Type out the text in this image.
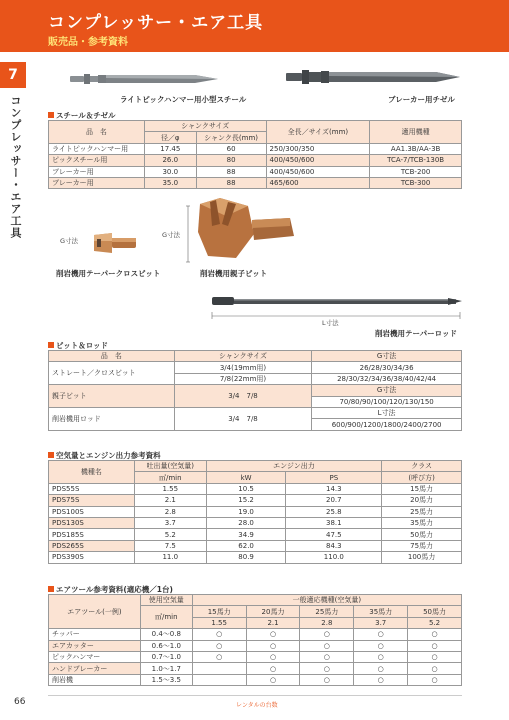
コンプレッサー・エア工具
販売品・参考資料
7
コンプレッサー・エア工具	ライトピックハンマー用小型スチール	ブレーカー用チゼル
スチール＆チゼル
品　名	シャンクサイズ		全長／サイズ(mm)	適用機種
	径／φ	シャンク長(mm)		
ライトピックハンマー用	17.45	60	250/300/350	AA1.3B/AA-3B
ピックスチール用	26.0	80	400/450/600	TCA-7/TCB-130B
ブレーカー用	30.0	88	400/450/600	TCB-200
ブレーカー用	35.0	88	465/600	TCB-300
G寸法
削岩機用テーパークロスビット
G寸法
削岩機用親子ビット
L寸法
削岩機用テーパーロッド
ビット＆ロッド
品　名	シャンクサイズ	G寸法
ストレート／クロスビット	3/4(19mm用)	26/28/30/34/36
	7/8(22mm用)	28/30/32/34/36/38/40/42/44
親子ビット	3/4　7/8	G寸法
		70/80/90/100/120/130/150
削岩機用ロッド	3/4　7/8	L寸法
		600/900/1200/1800/2400/2700
空気量とエンジン出力参考資料
機種名	吐出量(空気量)	エンジン出力		クラス
	㎥/min	kW	PS	(呼び方)
PDS55S	1.55	10.5	14.3	15馬力
PDS75S	2.1	15.2	20.7	20馬力
PDS100S	2.8	19.0	25.8	25馬力
PDS130S	3.7	28.0	38.1	35馬力
PDS185S	5.2	34.9	47.5	50馬力
PDS265S	7.5	62.0	84.3	75馬力
PDS390S	11.0	80.9	110.0	100馬力
エアツール参考資料(適応機／1台)
エアツール(一例)	使用空気量	一般適応機種(空気量)				
	㎥/min	15馬力	20馬力	25馬力	35馬力	50馬力
		1.55	2.1	2.8	3.7	5.2
チッパー	0.4～0.8	○	○	○	○	○
エアカッター	0.6～1.0	○	○	○	○	○
ピックハンマー	0.7～1.0	○	○	○	○	○
ハンドブレーカー	1.0～1.7		○	○	○	○
削岩機	1.5～3.5		○	○	○	○
66	レンタルの台数
